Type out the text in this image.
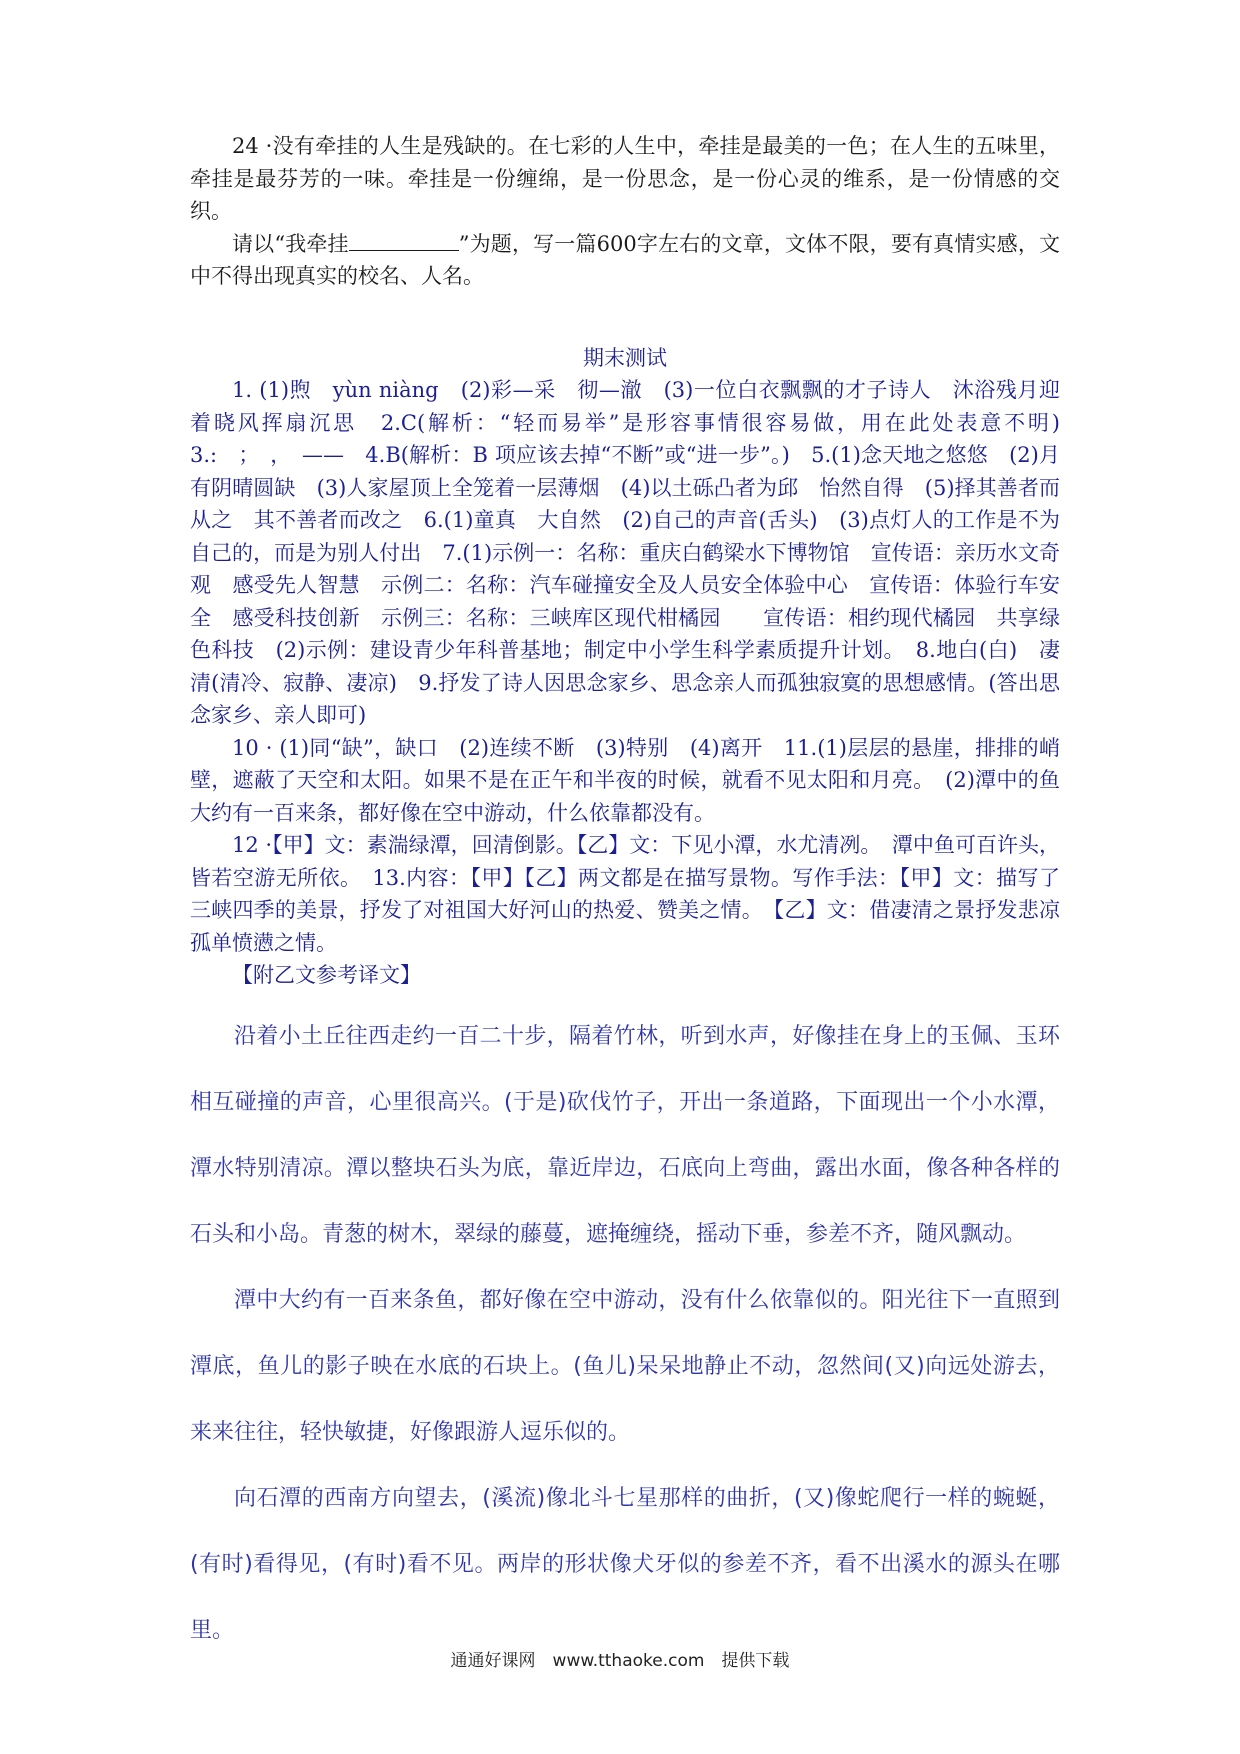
24 ·没有牵挂的人生是残缺的。在七彩的人生中，牵挂是最美的一色；在人生的五味里，牵挂是最芬芳的一味。牵挂是一份缠绵，是一份思念，是一份心灵的维系，是一份情感的交织。

请以“我牵挂	”为题，写一篇600字左右的文章，文体不限，要有真情实感，文中不得出现真实的校名、人名。

期末测试

1. (1)煦　yùn niàng　(2)彩—采　彻—澈　(3)一位白衣飘飘的才子诗人　沐浴残月迎着晓风挥扇沉思　2.C(解析：“轻而易举”是形容事情很容易做，用在此处表意不明)　3.:　；　，　——　4.B(解析：B 项应该去掉“不断”或“进一步”。)　5.(1)念天地之悠悠　(2)月有阴晴圆缺　(3)人家屋顶上全笼着一层薄烟　(4)以土砾凸者为邱　怡然自得　(5)择其善者而从之　其不善者而改之　6.(1)童真　大自然　(2)自己的声音(舌头)　(3)点灯人的工作是不为自己的，而是为别人付出　7.(1)示例一：名称：重庆白鹤梁水下博物馆　宣传语：亲历水文奇观　感受先人智慧　示例二：名称：汽车碰撞安全及人员安全体验中心　宣传语：体验行车安全　感受科技创新　示例三：名称：三峡库区现代柑橘园　　宣传语：相约现代橘园　共享绿色科技　(2)示例：建设青少年科普基地；制定中小学生科学素质提升计划。　8.地白(白)　凄清(清冷、寂静、凄凉)　9.抒发了诗人因思念家乡、思念亲人而孤独寂寞的思想感情。(答出思念家乡、亲人即可)

10 · (1)同“缺”，缺口　(2)连续不断　(3)特别　(4)离开　11.(1)层层的悬崖，排排的峭壁，遮蔽了天空和太阳。如果不是在正午和半夜的时候，就看不见太阳和月亮。　(2)潭中的鱼大约有一百来条，都好像在空中游动，什么依靠都没有。

12 ·【甲】文：素湍绿潭，回清倒影。【乙】文：下见小潭，水尤清冽。　潭中鱼可百许头，皆若空游无所依。　13.内容：【甲】【乙】两文都是在描写景物。写作手法：【甲】文：描写了三峡四季的美景，抒发了对祖国大好河山的热爱、赞美之情。　【乙】文：借凄清之景抒发悲凉孤单愤懑之情。

【附乙文参考译文】

沿着小土丘往西走约一百二十步，隔着竹林，听到水声，好像挂在身上的玉佩、玉环相互碰撞的声音，心里很高兴。(于是)砍伐竹子，开出一条道路，下面现出一个小水潭，潭水特别清凉。潭以整块石头为底，靠近岸边，石底向上弯曲，露出水面，像各种各样的石头和小岛。青葱的树木，翠绿的藤蔓，遮掩缠绕，摇动下垂，参差不齐，随风飘动。

潭中大约有一百来条鱼，都好像在空中游动，没有什么依靠似的。阳光往下一直照到潭底，鱼儿的影子映在水底的石块上。(鱼儿)呆呆地静止不动，忽然间(又)向远处游去，来来往往，轻快敏捷，好像跟游人逗乐似的。

向石潭的西南方向望去，(溪流)像北斗七星那样的曲折，(又)像蛇爬行一样的蜿蜒，(有时)看得见，(有时)看不见。两岸的形状像犬牙似的参差不齐，看不出溪水的源头在哪里。

通通好课网　www.tthaoke.com　提供下载
